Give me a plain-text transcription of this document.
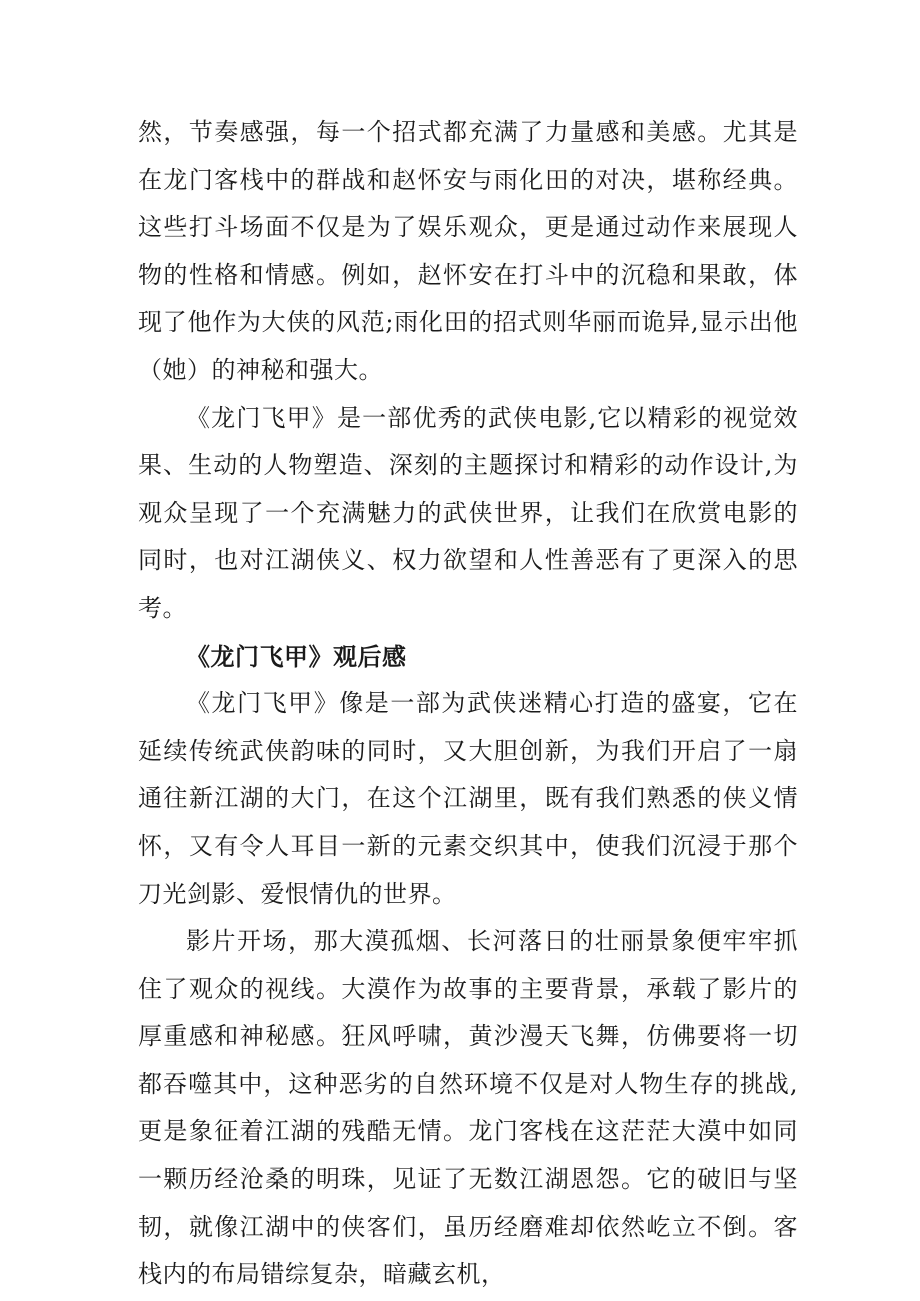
然，节奏感强，每一个招式都充满了力量感和美感。尤其是在龙门客栈中的群战和赵怀安与雨化田的对决，堪称经典。这些打斗场面不仅是为了娱乐观众，更是通过动作来展现人物的性格和情感。例如，赵怀安在打斗中的沉稳和果敢，体现了他作为大侠的风范;雨化田的招式则华丽而诡异,显示出他（她）的神秘和强大。

《龙门飞甲》是一部优秀的武侠电影,它以精彩的视觉效果、生动的人物塑造、深刻的主题探讨和精彩的动作设计,为观众呈现了一个充满魅力的武侠世界，让我们在欣赏电影的同时，也对江湖侠义、权力欲望和人性善恶有了更深入的思考。

《龙门飞甲》观后感

《龙门飞甲》像是一部为武侠迷精心打造的盛宴，它在延续传统武侠韵味的同时，又大胆创新，为我们开启了一扇通往新江湖的大门，在这个江湖里，既有我们熟悉的侠义情怀，又有令人耳目一新的元素交织其中，使我们沉浸于那个刀光剑影、爱恨情仇的世界。

影片开场，那大漠孤烟、长河落日的壮丽景象便牢牢抓住了观众的视线。大漠作为故事的主要背景，承载了影片的厚重感和神秘感。狂风呼啸，黄沙漫天飞舞，仿佛要将一切都吞噬其中，这种恶劣的自然环境不仅是对人物生存的挑战,更是象征着江湖的残酷无情。龙门客栈在这茫茫大漠中如同一颗历经沧桑的明珠，见证了无数江湖恩怨。它的破旧与坚韧，就像江湖中的侠客们，虽历经磨难却依然屹立不倒。客栈内的布局错综复杂，暗藏玄机，
